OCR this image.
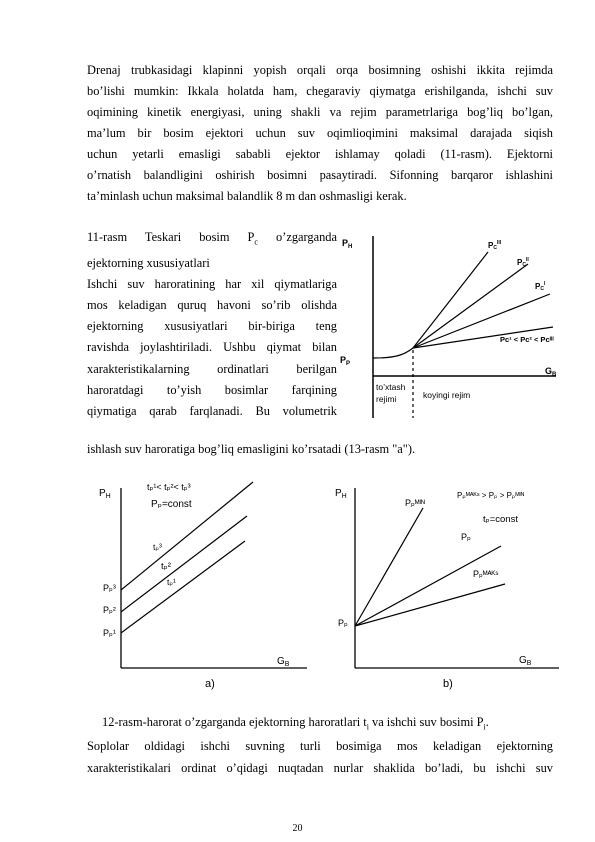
Drenaj trubkasidagi klapinni yopish orqali orqa bosimning oshishi ikkita rejimda

bo’lishi mumkin: Ikkala holatda ham, chegaraviy qiymatga erishilganda, ishchi suv

oqimining kinetik energiyasi, uning shakli va rejim parametrlariga bog’liq bo’lgan,

ma’lum bir bosim ejektori uchun suv oqimlioqimini maksimal darajada siqish

uchun yetarli emasligi sababli ejektor ishlamay qoladi (11-rasm). Ejektorni

o’rnatish balandligini oshirish bosimni pasaytiradi. Sifonning barqaror ishlashini

ta’minlash uchun maksimal balandlik 8 m dan oshmasligi kerak.

11-rasm Teskari bosim $P_c$ o’zgarganda

ejektorning xususiyatlari

Ishchi suv haroratining har xil qiymatlariga

mos keladigan quruq havoni so’rib olishda

ejektorning xususiyatlari bir-biriga teng

ravishda joylashtiriladi. Ushbu qiymat bilan

xarakteristikalarning ordinatlari berilgan

haroratdagi to’yish bosimlar farqining

qiymatiga qarab farqlanadi. Bu volumetrik

ishlash suv haroratiga bog’liq emasligini ko’rsatadi (13-rasm "a").
$P_H$
$G_B$
$P_P$
$PC^{III}$
$PC^{II}$
$PC^I$
Pc¹ < Pc² < Pcᴵᴵᴵ
to’xtash
rejimi	koyingi rejim
$P_H$
$G_B$
tₚ¹< tₚ²< tₚ³
Pₚ=const
tₚ³
tₚ²
tₚ¹
Pₚ³
Pₚ²
Pₚ¹
a)
$P_H$
$G_B$
Pₚᴹᴬᴷˢ > Pₚ > Pₚᴹᴵᴺ
tₚ=const
Pₚᴹᴵᴺ
Pₚ
Pₚᴹᴬᴷˢ
Pₚ
b)
12-rasm-harorat o’zgarganda ejektorning haroratlari $t_i$ va ishchi suv bosimi $P_i$.

Soplolar oldidagi ishchi suvning turli bosimiga mos keladigan ejektorning

xarakteristikalari ordinat o’qidagi nuqtadan nurlar shaklida bo’ladi, bu ishchi suv

20
